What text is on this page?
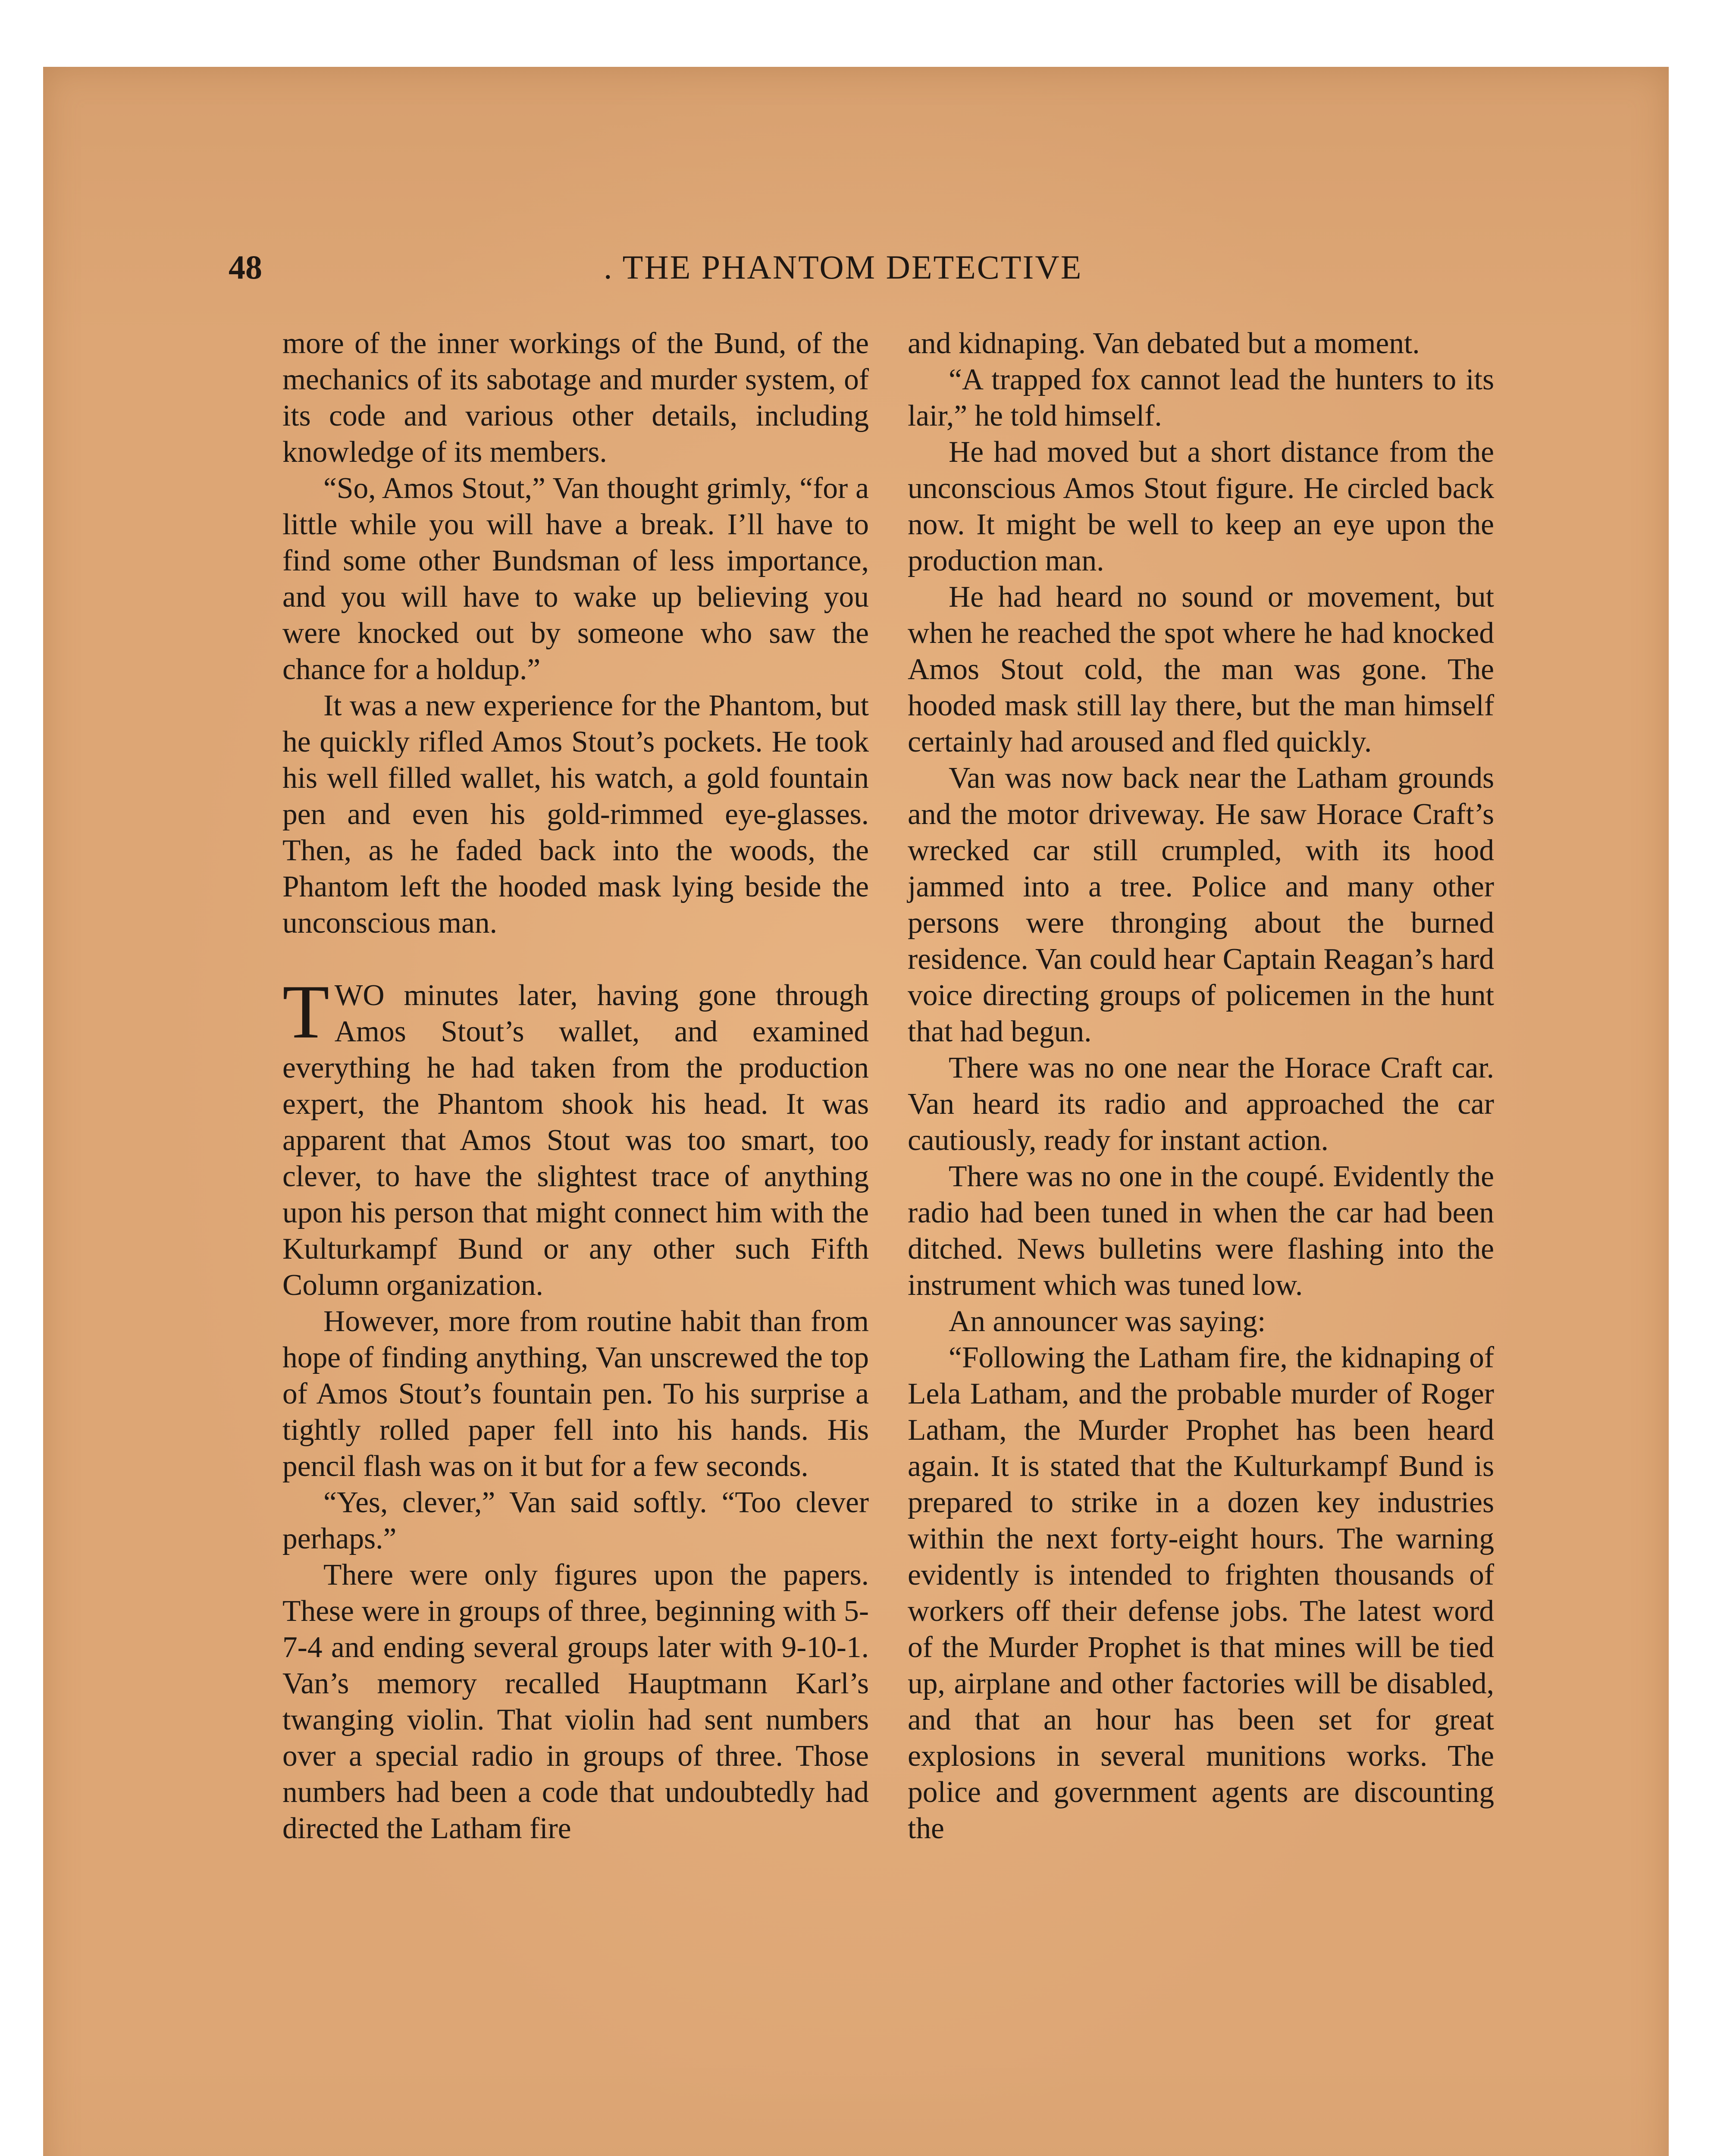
48	. THE PHANTOM DETECTIVE

more of the inner workings of the Bund, of the mechanics of its sabotage and murder system, of its code and various other details, including knowledge of its members.

“So, Amos Stout,” Van thought grimly, “for a little while you will have a break. I’ll have to find some other Bundsman of less importance, and you will have to wake up believing you were knocked out by someone who saw the chance for a holdup.”

It was a new experience for the Phantom, but he quickly rifled Amos Stout’s pockets. He took his well filled wallet, his watch, a gold fountain pen and even his gold-rimmed eye-glasses. Then, as he faded back into the woods, the Phantom left the hooded mask lying beside the unconscious man.

TWO minutes later, having gone through Amos Stout’s wallet, and examined everything he had taken from the production expert, the Phantom shook his head. It was apparent that Amos Stout was too smart, too clever, to have the slightest trace of anything upon his person that might connect him with the Kulturkampf Bund or any other such Fifth Column organization.

However, more from routine habit than from hope of finding anything, Van unscrewed the top of Amos Stout’s fountain pen. To his surprise a tightly rolled paper fell into his hands. His pencil flash was on it but for a few seconds.

“Yes, clever,” Van said softly. “Too clever perhaps.”

There were only figures upon the papers. These were in groups of three, beginning with 5-7-4 and ending several groups later with 9-10-1. Van’s memory recalled Hauptmann Karl’s twanging violin. That violin had sent numbers over a special radio in groups of three. Those numbers had been a code that undoubtedly had directed the Latham fire

and kidnaping. Van debated but a moment.

“A trapped fox cannot lead the hunters to its lair,” he told himself.

He had moved but a short distance from the unconscious Amos Stout figure. He circled back now. It might be well to keep an eye upon the production man.

He had heard no sound or movement, but when he reached the spot where he had knocked Amos Stout cold, the man was gone. The hooded mask still lay there, but the man himself certainly had aroused and fled quickly.

Van was now back near the Latham grounds and the motor driveway. He saw Horace Craft’s wrecked car still crumpled, with its hood jammed into a tree. Police and many other persons were thronging about the burned residence. Van could hear Captain Reagan’s hard voice directing groups of policemen in the hunt that had begun.

There was no one near the Horace Craft car. Van heard its radio and approached the car cautiously, ready for instant action.

There was no one in the coupé. Evidently the radio had been tuned in when the car had been ditched. News bulletins were flashing into the instrument which was tuned low.

An announcer was saying:

“Following the Latham fire, the kidnaping of Lela Latham, and the probable murder of Roger Latham, the Murder Prophet has been heard again. It is stated that the Kulturkampf Bund is prepared to strike in a dozen key industries within the next forty-eight hours. The warning evidently is intended to frighten thousands of workers off their defense jobs. The latest word of the Murder Prophet is that mines will be tied up, airplane and other factories will be disabled, and that an hour has been set for great explosions in several munitions works. The police and government agents are discounting the
